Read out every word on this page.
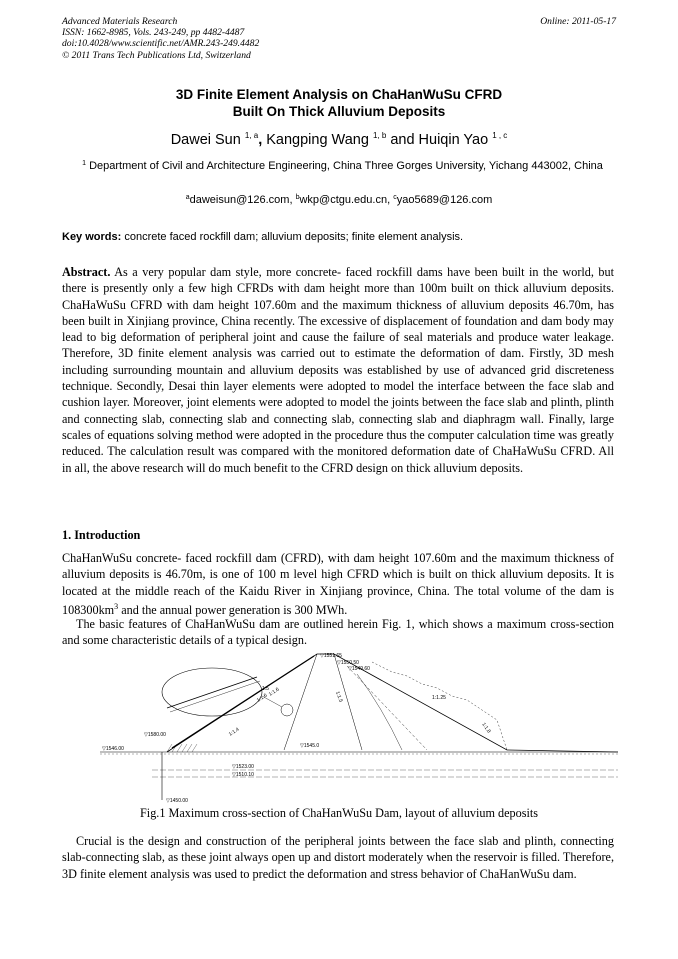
Advanced Materials Research
ISSN: 1662-8985, Vols. 243-249, pp 4482-4487
doi:10.4028/www.scientific.net/AMR.243-249.4482
© 2011 Trans Tech Publications Ltd, Switzerland
Online: 2011-05-17
3D Finite Element Analysis on ChaHanWuSu CFRD
Built On Thick Alluvium Deposits
Dawei Sun $^{1, a}$, Kangping Wang $^{1, b}$ and Huiqin Yao $^{1 , c}$
$^1$ Department of Civil and Architecture Engineering, China Three Gorges University, Yichang 443002, China
$^a$daweisun@126.com, $^b$wkp@ctgu.edu.cn, $^c$yao5689@126.com
Key words: concrete faced rockfill dam; alluvium deposits; finite element analysis.
Abstract. As a very popular dam style, more concrete- faced rockfill dams have been built in the world, but there is presently only a few high CFRDs with dam height more than 100m built on thick alluvium deposits. ChaHaWuSu CFRD with dam height 107.60m and the maximum thickness of alluvium deposits 46.70m, has been built in Xinjiang province, China recently. The excessive of displacement of foundation and dam body may lead to big deformation of peripheral joint and cause the failure of seal materials and produce water leakage. Therefore, 3D finite element analysis was carried out to estimate the deformation of dam. Firstly, 3D mesh including surrounding mountain and alluvium deposits was established by use of advanced grid discreteness technique. Secondly, Desai thin layer elements were adopted to model the interface between the face slab and cushion layer. Moreover, joint elements were adopted to model the joints between the face slab and plinth, plinth and connecting slab, connecting slab and connecting slab, connecting slab and diaphragm wall. Finally, large scales of equations solving method were adopted in the procedure thus the computer calculation time was greatly reduced. The calculation result was compared with the monitored deformation date of ChaHaWuSu CFRD. All in all, the above research will do much benefit to the CFRD design on thick alluvium deposits.
1. Introduction
ChaHanWuSu concrete- faced rockfill dam (CFRD), with dam height 107.60m and the maximum thickness of alluvium deposits is 46.70m, is one of 100 m level high CFRD which is built on thick alluvium deposits. It is located at the middle reach of the Kaidu River in Xinjiang province, China. The total volume of the dam is $108300km^3$ and the annual power generation is 300 MWh.
The basic features of ChaHanWuSu dam are outlined herein Fig. 1, which shows a maximum cross-section and some characteristic details of a typical design.
▽1551.65
▽1550.50
▽1549.60
▽1580.00
▽1546.00	▽1545.0
▽1523.00
▽1510.10
▽1450.00
1:1.6
1:1.4
1:1.6	1:1.5
1:1.8
1:1.25
1.5
Fig.1 Maximum cross-section of ChaHanWuSu Dam, layout of alluvium deposits
Crucial is the design and construction of the peripheral joints between the face slab and plinth, connecting slab-connecting slab, as these joint always open up and distort moderately when the reservoir is filled. Therefore, 3D finite element analysis was used to predict the deformation and stress behavior of ChaHanWuSu dam.
